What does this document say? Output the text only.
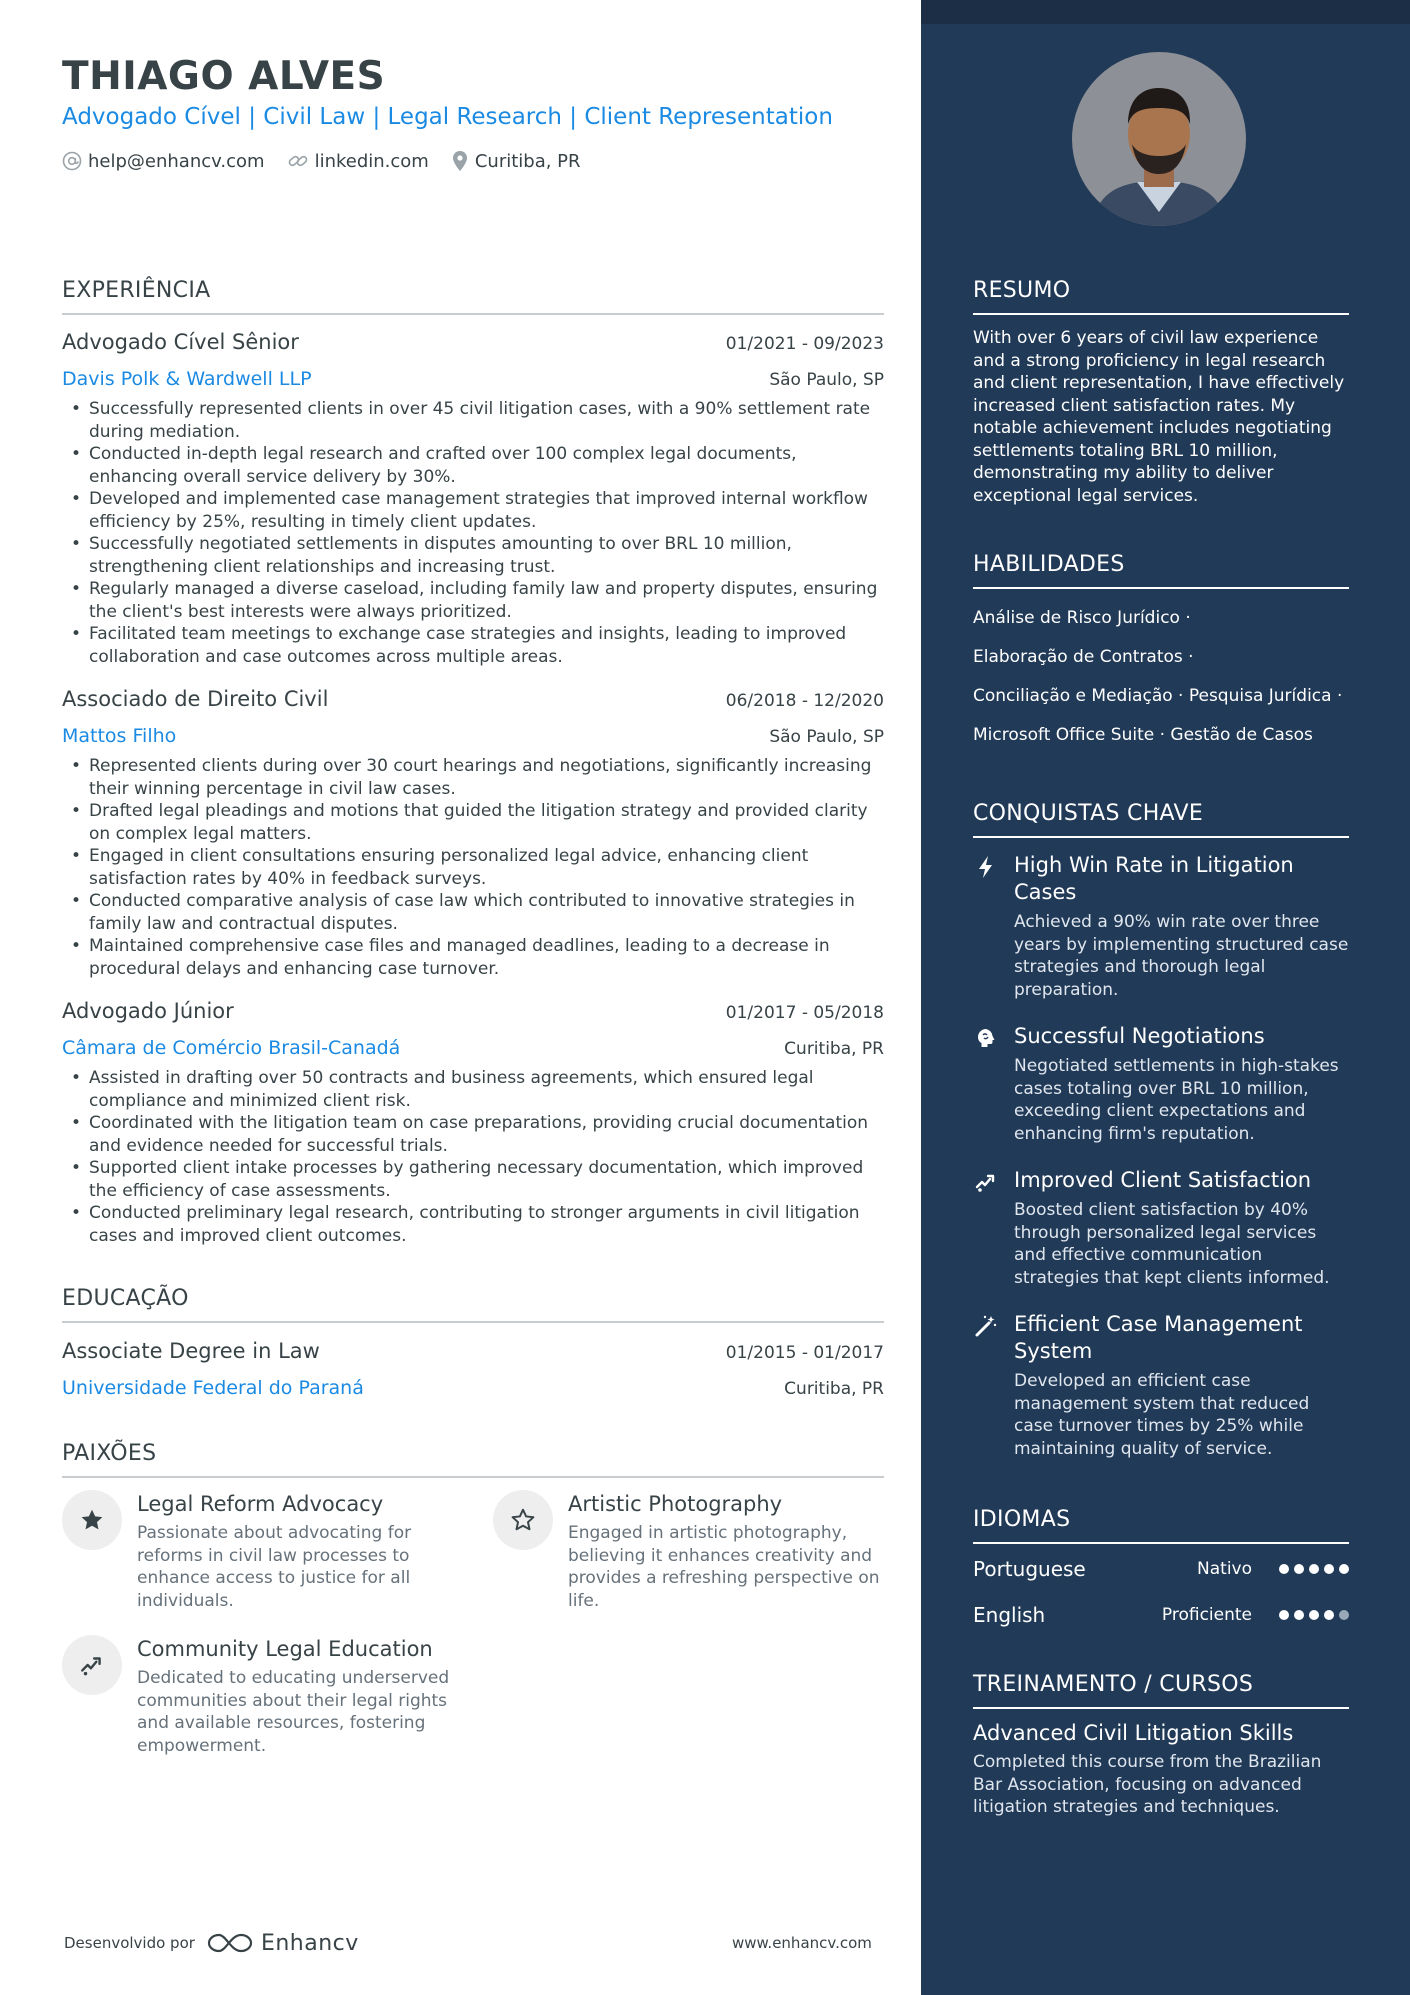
THIAGO ALVES
Advogado Cível | Civil Law | Legal Research | Client Representation
help@enhancv.com	linkedin.com	Curitiba, PR
EXPERIÊNCIA
Advogado Cível Sênior	01/2021 - 09/2023
Davis Polk & Wardwell LLP	São Paulo, SP
• Successfully represented clients in over 45 civil litigation cases, with a 90% settlement rate during mediation.
• Conducted in-depth legal research and crafted over 100 complex legal documents, enhancing overall service delivery by 30%.
• Developed and implemented case management strategies that improved internal workflow efficiency by 25%, resulting in timely client updates.
• Successfully negotiated settlements in disputes amounting to over BRL 10 million, strengthening client relationships and increasing trust.
• Regularly managed a diverse caseload, including family law and property disputes, ensuring the client's best interests were always prioritized.
• Facilitated team meetings to exchange case strategies and insights, leading to improved collaboration and case outcomes across multiple areas.
Associado de Direito Civil	06/2018 - 12/2020
Mattos Filho	São Paulo, SP
• Represented clients during over 30 court hearings and negotiations, significantly increasing their winning percentage in civil law cases.
• Drafted legal pleadings and motions that guided the litigation strategy and provided clarity on complex legal matters.
• Engaged in client consultations ensuring personalized legal advice, enhancing client satisfaction rates by 40% in feedback surveys.
• Conducted comparative analysis of case law which contributed to innovative strategies in family law and contractual disputes.
• Maintained comprehensive case files and managed deadlines, leading to a decrease in procedural delays and enhancing case turnover.
Advogado Júnior	01/2017 - 05/2018
Câmara de Comércio Brasil-Canadá	Curitiba, PR
• Assisted in drafting over 50 contracts and business agreements, which ensured legal compliance and minimized client risk.
• Coordinated with the litigation team on case preparations, providing crucial documentation and evidence needed for successful trials.
• Supported client intake processes by gathering necessary documentation, which improved the efficiency of case assessments.
• Conducted preliminary legal research, contributing to stronger arguments in civil litigation cases and improved client outcomes.
EDUCAÇÃO
Associate Degree in Law	01/2015 - 01/2017
Universidade Federal do Paraná	Curitiba, PR
PAIXÕES
Legal Reform Advocacy
Passionate about advocating for reforms in civil law processes to enhance access to justice for all individuals.
Artistic Photography
Engaged in artistic photography, believing it enhances creativity and provides a refreshing perspective on life.
Community Legal Education
Dedicated to educating underserved communities about their legal rights and available resources, fostering empowerment.
Desenvolvido por	Enhancv	www.enhancv.com
RESUMO
With over 6 years of civil law experience and a strong proficiency in legal research and client representation, I have effectively increased client satisfaction rates. My notable achievement includes negotiating settlements totaling BRL 10 million, demonstrating my ability to deliver exceptional legal services.
HABILIDADES
Análise de Risco Jurídico ·
Elaboração de Contratos ·
Conciliação e Mediação · Pesquisa Jurídica ·
Microsoft Office Suite · Gestão de Casos
CONQUISTAS CHAVE
High Win Rate in Litigation Cases
Achieved a 90% win rate over three years by implementing structured case strategies and thorough legal preparation.
Successful Negotiations
Negotiated settlements in high-stakes cases totaling over BRL 10 million, exceeding client expectations and enhancing firm's reputation.
Improved Client Satisfaction
Boosted client satisfaction by 40% through personalized legal services and effective communication strategies that kept clients informed.
Efficient Case Management System
Developed an efficient case management system that reduced case turnover times by 25% while maintaining quality of service.
IDIOMAS
Portuguese	Nativo
English	Proficiente
TREINAMENTO / CURSOS
Advanced Civil Litigation Skills
Completed this course from the Brazilian Bar Association, focusing on advanced litigation strategies and techniques.
